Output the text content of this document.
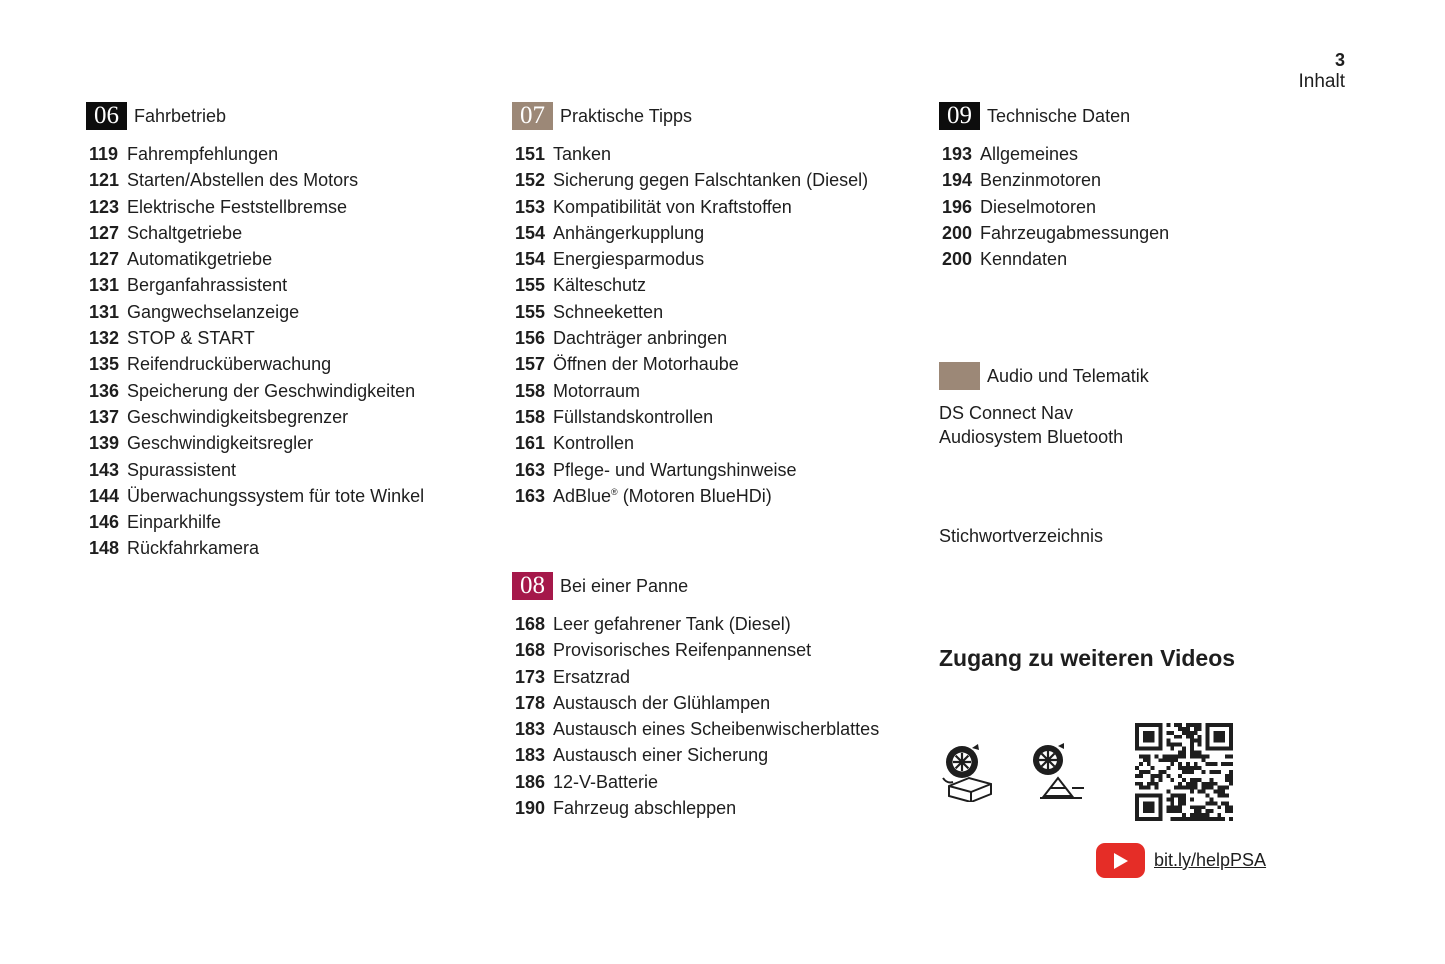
3
Inhalt
06 Fahrbetrieb
119 Fahrempfehlungen
121 Starten/Abstellen des Motors
123 Elektrische Feststellbremse
127 Schaltgetriebe
127 Automatikgetriebe
131 Berganfahrassistent
131 Gangwechselanzeige
132 STOP & START
135 Reifendrucküberwachung
136 Speicherung der Geschwindigkeiten
137 Geschwindigkeitsbegrenzer
139 Geschwindigkeitsregler
143 Spurassistent
144 Überwachungssystem für tote Winkel
146 Einparkhilfe
148 Rückfahrkamera
07 Praktische Tipps
151 Tanken
152 Sicherung gegen Falschtanken (Diesel)
153 Kompatibilität von Kraftstoffen
154 Anhängerkupplung
154 Energiesparmodus
155 Kälteschutz
155 Schneeketten
156 Dachträger anbringen
157 Öffnen der Motorhaube
158 Motorraum
158 Füllstandskontrollen
161 Kontrollen
163 Pflege- und Wartungshinweise
163 AdBlue® (Motoren BlueHDi)
08 Bei einer Panne
168 Leer gefahrener Tank (Diesel)
168 Provisorisches Reifenpannenset
173 Ersatzrad
178 Austausch der Glühlampen
183 Austausch eines Scheibenwischerblattes
183 Austausch einer Sicherung
186 12-V-Batterie
190 Fahrzeug abschleppen
09 Technische Daten
193 Allgemeines
194 Benzinmotoren
196 Dieselmotoren
200 Fahrzeugabmessungen
200 Kenndaten
Audio und Telematik
DS Connect Nav
Audiosystem Bluetooth
Stichwortverzeichnis
Zugang zu weiteren Videos
bit.ly/helpPSA
